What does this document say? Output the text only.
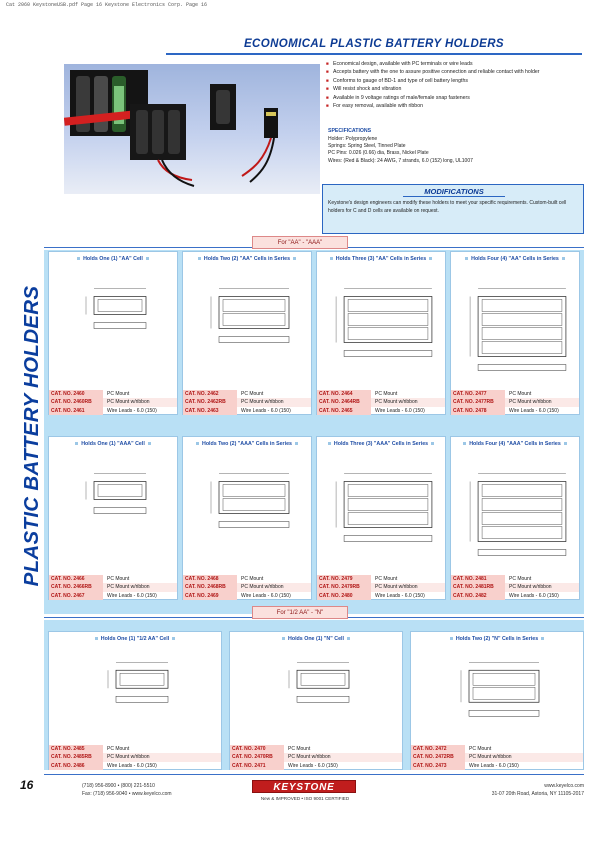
Cat 2060 KeystoneUSB.pdf Page 16 Keystone Electronics Corp. Page 16
PLASTIC BATTERY HOLDERS
ECONOMICAL PLASTIC BATTERY HOLDERS
■ Economical design, available with PC terminals or wire leads
■ Accepts battery with the one to assure positive connection and reliable contact with holder
■ Conforms to gauge of BD-1 and type of cell battery lengths
■ Will resist shock and vibration
■ Available in 9 voltage ratings of male/female snap fasteners
■ For easy removal, available with ribbon
SPECIFICATIONS
Holder: Polypropylene
Springs: Spring Steel, Tinned Plate
PC Pins: 0.026 (0.66) dia, Brass, Nickel Plate
Wires: (Red & Black): 24 AWG, 7 strands, 6.0 (152) long, UL1007
MODIFICATIONS
Keystone's design engineers can modify these holders to meet your specific requirements. Custom-built cell holders for C and D cells are available on request.
For "AA" - "AAA"
Holds One (1) "AA" Cell
CAT. NO. 2460	PC Mount
CAT. NO. 2460RB	PC Mount w/ribbon
CAT. NO. 2461	Wire Leads - 6.0 (150)
Holds Two (2) "AA" Cells in Series
CAT. NO. 2462	PC Mount
CAT. NO. 2462RB	PC Mount w/ribbon
CAT. NO. 2463	Wire Leads - 6.0 (150)
Holds Three (3) "AA" Cells in Series
CAT. NO. 2464	PC Mount
CAT. NO. 2464RB	PC Mount w/ribbon
CAT. NO. 2465	Wire Leads - 6.0 (150)
Holds Four (4) "AA" Cells in Series
CAT. NO. 2477	PC Mount
CAT. NO. 2477RB	PC Mount w/ribbon
CAT. NO. 2478	Wire Leads - 6.0 (150)
Holds One (1) "AAA" Cell
CAT. NO. 2466	PC Mount
CAT. NO. 2466RB	PC Mount w/ribbon
CAT. NO. 2467	Wire Leads - 6.0 (150)
Holds Two (2) "AAA" Cells in Series
CAT. NO. 2468	PC Mount
CAT. NO. 2468RB	PC Mount w/ribbon
CAT. NO. 2469	Wire Leads - 6.0 (150)
Holds Three (3) "AAA" Cells in Series
CAT. NO. 2479	PC Mount
CAT. NO. 2479RB	PC Mount w/ribbon
CAT. NO. 2480	Wire Leads - 6.0 (150)
Holds Four (4) "AAA" Cells in Series
CAT. NO. 2481	PC Mount
CAT. NO. 2481RB	PC Mount w/ribbon
CAT. NO. 2482	Wire Leads - 6.0 (150)
For "1/2 AA" - "N"
Holds One (1) "1/2 AA" Cell
CAT. NO. 2485	PC Mount
CAT. NO. 2485RB	PC Mount w/ribbon
CAT. NO. 2486	Wire Leads - 6.0 (150)
Holds One (1) "N" Cell
CAT. NO. 2470	PC Mount
CAT. NO. 2470RB	PC Mount w/ribbon
CAT. NO. 2471	Wire Leads - 6.0 (150)
Holds Two (2) "N" Cells in Series
CAT. NO. 2472	PC Mount
CAT. NO. 2472RB	PC Mount w/ribbon
CAT. NO. 2473	Wire Leads - 6.0 (150)
16	(718) 956-8900 • (800) 221-5510
Fax: (718) 956-9040 • www.keyelco.com
KEYSTONE
New & IMPROVED • ISO 9001 CERTIFIED
www.keyelco.com
31-07 20th Road, Astoria, NY 11105-2017
